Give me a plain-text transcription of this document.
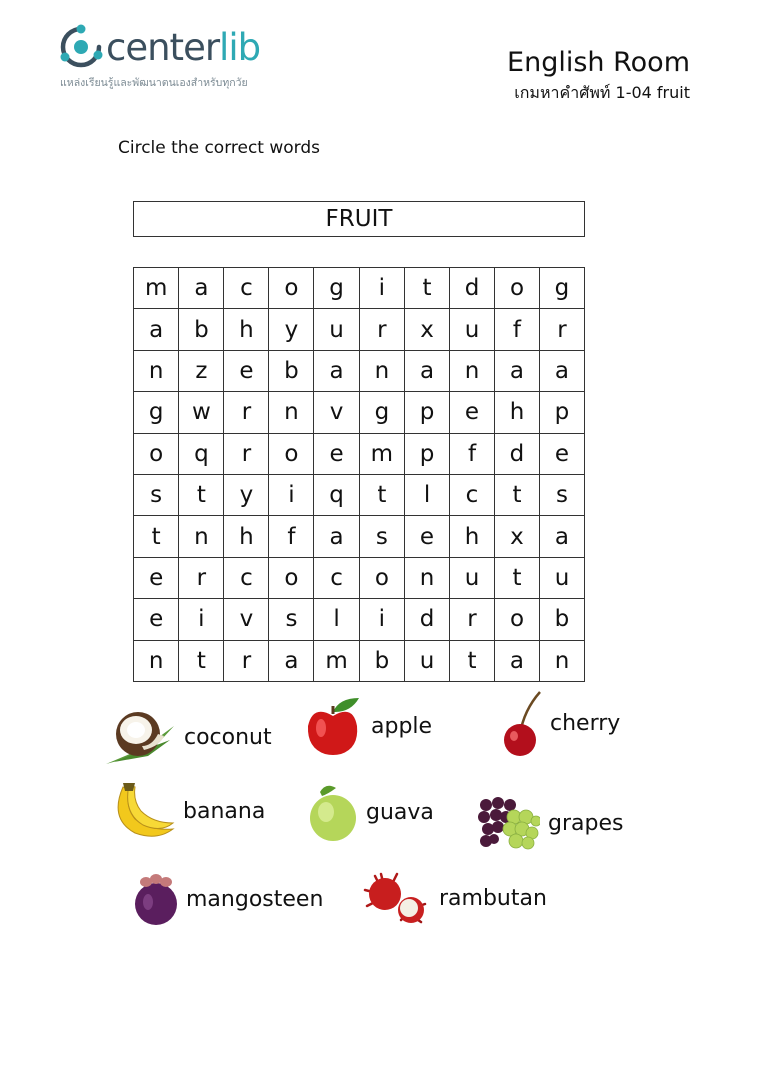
centerlib
แหล่งเรียนรู้และพัฒนาตนเองสำหรับทุกวัย
English Room
เกมหาคำศัพท์ 1-04 fruit
Circle the correct words
FRUIT
m	a	c	o	g	i	t	d	o	g
a	b	h	y	u	r	x	u	f	r
n	z	e	b	a	n	a	n	a	a
g	w	r	n	v	g	p	e	h	p
o	q	r	o	e	m	p	f	d	e
s	t	y	i	q	t	l	c	t	s
t	n	h	f	a	s	e	h	x	a
e	r	c	o	c	o	n	u	t	u
e	i	v	s	l	i	d	r	o	b
n	t	r	a	m	b	u	t	a	n
coconut	apple	cherry
banana	guava	grapes
mangosteen	rambutan
